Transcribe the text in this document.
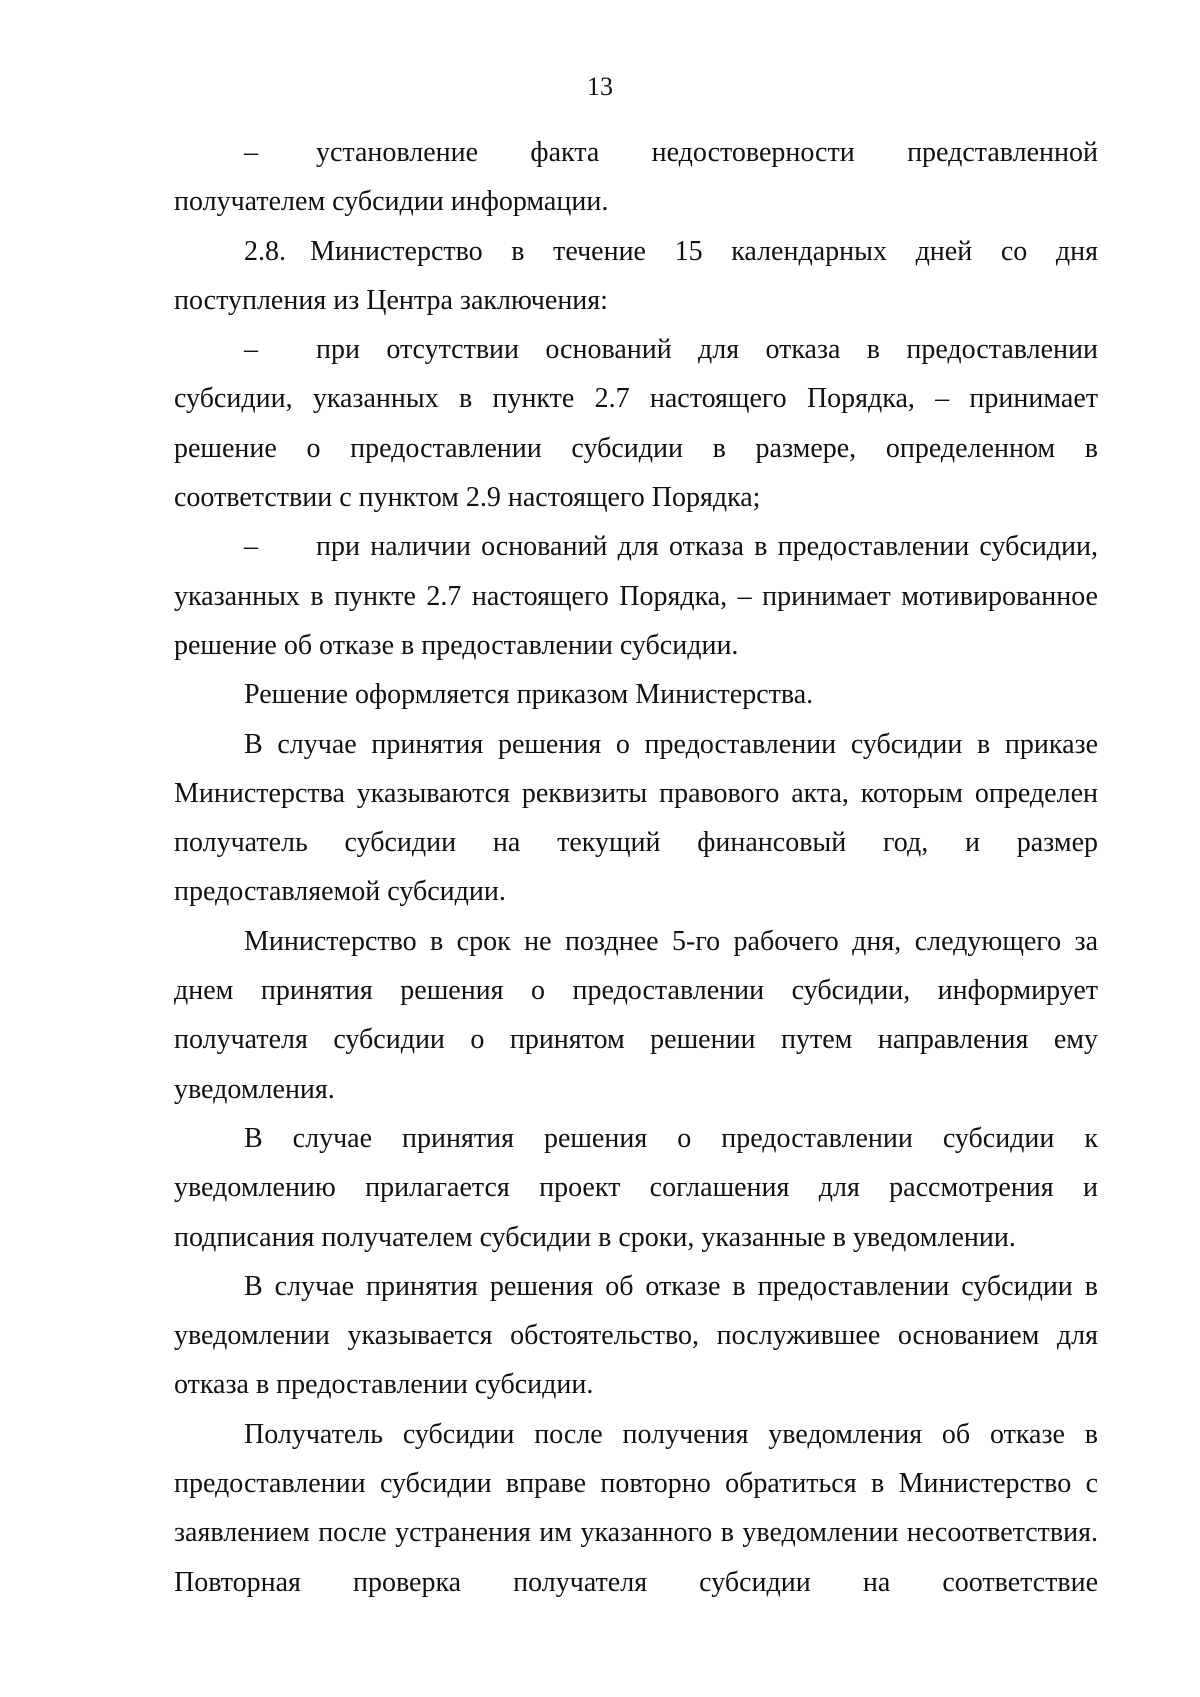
13

– установление факта недостоверности представленной

получателем субсидии информации.

2.8. Министерство в течение 15 календарных дней со дня поступления из Центра заключения:

– при отсутствии оснований для отказа в предоставлении

субсидии, указанных в пункте 2.7 настоящего Порядка, – принимает решение о предоставлении субсидии в размере, определенном в соответствии с пунктом 2.9 настоящего Порядка;

– при наличии оснований для отказа в предоставлении субсидии,

указанных в пункте 2.7 настоящего Порядка, – принимает мотивированное решение об отказе в предоставлении субсидии.

Решение оформляется приказом Министерства.

В случае принятия решения о предоставлении субсидии в приказе Министерства указываются реквизиты правового акта, которым определен получатель субсидии на текущий финансовый год, и размер предоставляемой субсидии.

Министерство в срок не позднее 5-го рабочего дня, следующего за днем принятия решения о предоставлении субсидии, информирует получателя субсидии о принятом решении путем направления ему уведомления.

В случае принятия решения о предоставлении субсидии к уведомлению прилагается проект соглашения для рассмотрения и подписания получателем субсидии в сроки, указанные в уведомлении.

В случае принятия решения об отказе в предоставлении субсидии в уведомлении указывается обстоятельство, послужившее основанием для отказа в предоставлении субсидии.

Получатель субсидии после получения уведомления об отказе в предоставлении субсидии вправе повторно обратиться в Министерство с заявлением после устранения им указанного в уведомлении несоответствия. Повторная проверка получателя субсидии на соответствие
